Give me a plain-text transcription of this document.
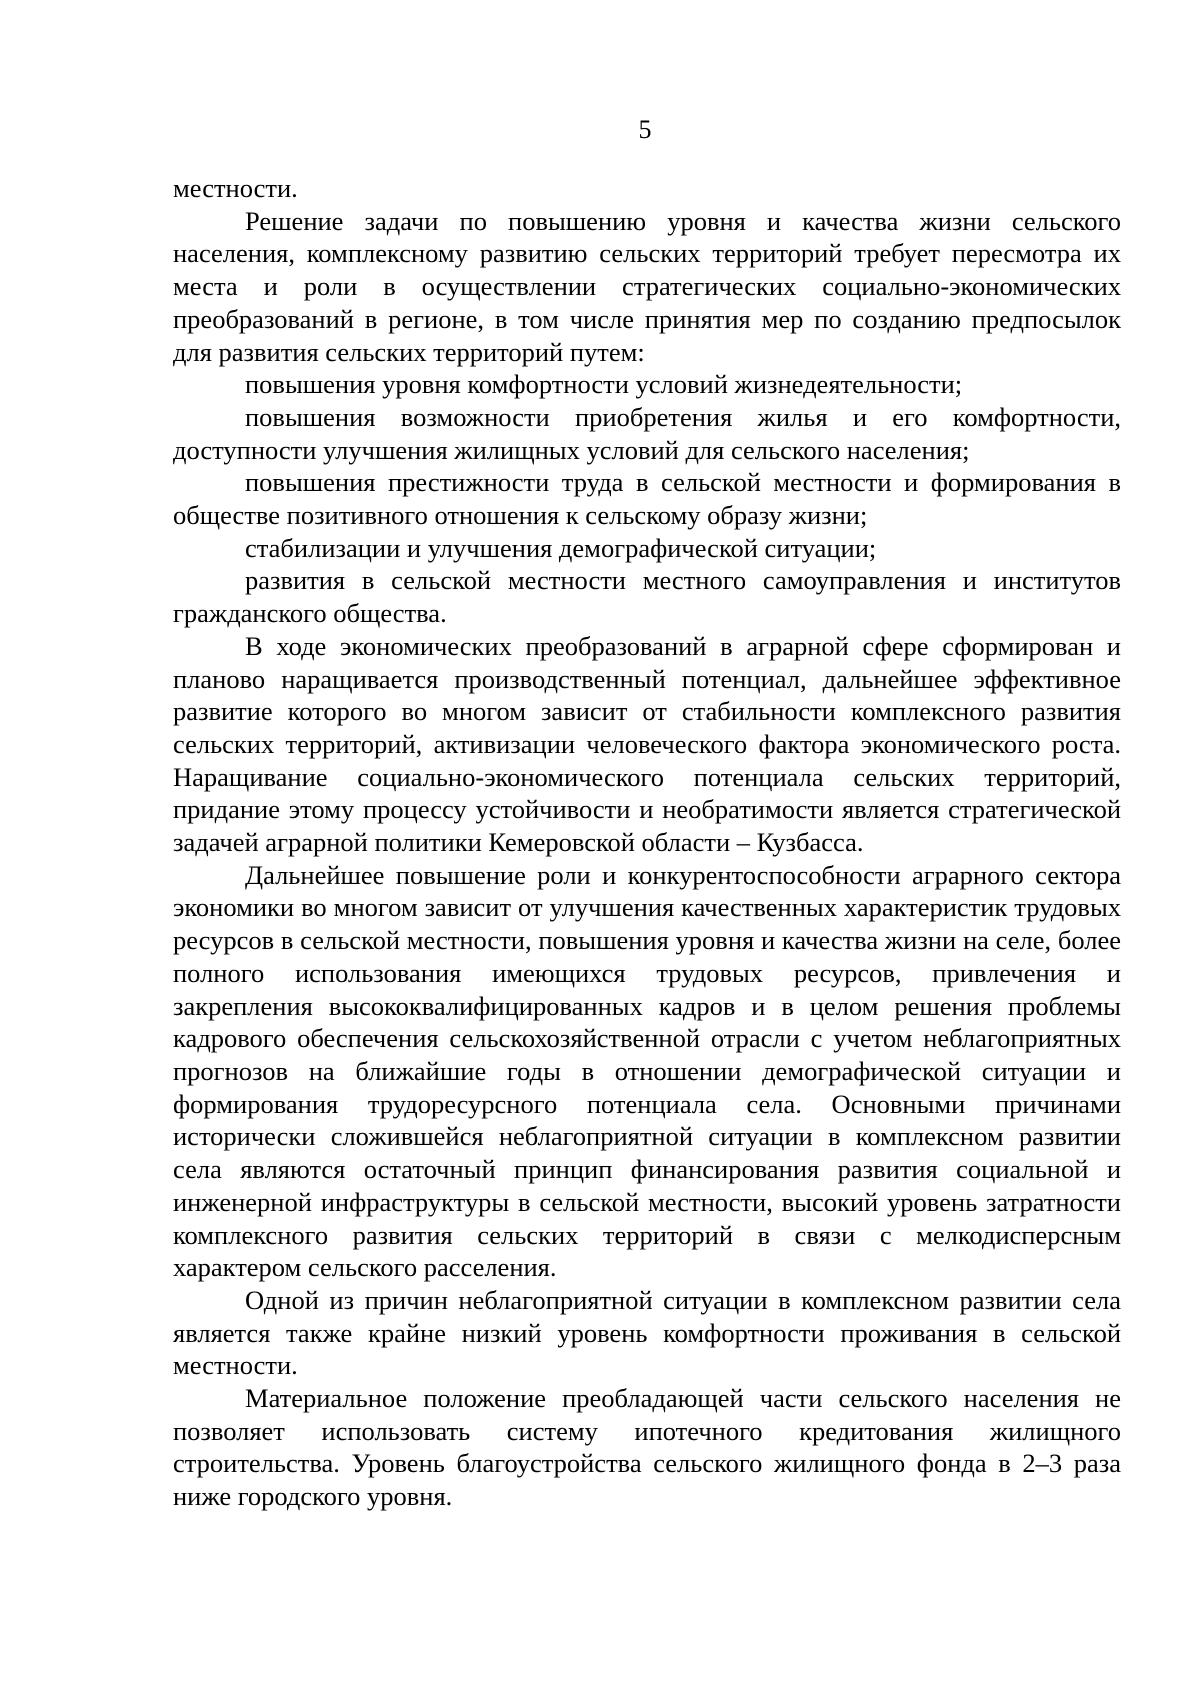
5

местности.

Решение задачи по повышению уровня и качества жизни сельского населения, комплексному развитию сельских территорий требует пересмотра их места и роли в осуществлении стратегических социально-экономических преобразований в регионе, в том числе принятия мер по созданию предпосылок для развития сельских территорий путем:

повышения уровня комфортности условий жизнедеятельности;

повышения возможности приобретения жилья и его комфортности, доступности улучшения жилищных условий для сельского населения;

повышения престижности труда в сельской местности и формирования в обществе позитивного отношения к сельскому образу жизни;

стабилизации и улучшения демографической ситуации;

развития в сельской местности местного самоуправления и институтов гражданского общества.

В ходе экономических преобразований в аграрной сфере сформирован и планово наращивается производственный потенциал, дальнейшее эффективное развитие которого во многом зависит от стабильности комплексного развития сельских территорий, активизации человеческого фактора экономического роста. Наращивание социально-экономического потенциала сельских территорий, придание этому процессу устойчивости и необратимости является стратегической задачей аграрной политики Кемеровской области – Кузбасса.

Дальнейшее повышение роли и конкурентоспособности аграрного сектора экономики во многом зависит от улучшения качественных характеристик трудовых ресурсов в сельской местности, повышения уровня и качества жизни на селе, более полного использования имеющихся трудовых ресурсов, привлечения и закрепления высококвалифицированных кадров и в целом решения проблемы кадрового обеспечения сельскохозяйственной отрасли с учетом неблагоприятных прогнозов на ближайшие годы в отношении демографической ситуации и формирования трудоресурсного потенциала села. Основными причинами исторически сложившейся неблагоприятной ситуации в комплексном развитии села являются остаточный принцип финансирования развития социальной и инженерной инфраструктуры в сельской местности, высокий уровень затратности комплексного развития сельских территорий в связи с мелкодисперсным характером сельского расселения.

Одной из причин неблагоприятной ситуации в комплексном развитии села является также крайне низкий уровень комфортности проживания в сельской местности.

Материальное положение преобладающей части сельского населения не позволяет использовать систему ипотечного кредитования жилищного строительства. Уровень благоустройства сельского жилищного фонда в 2–3 раза ниже городского уровня.
